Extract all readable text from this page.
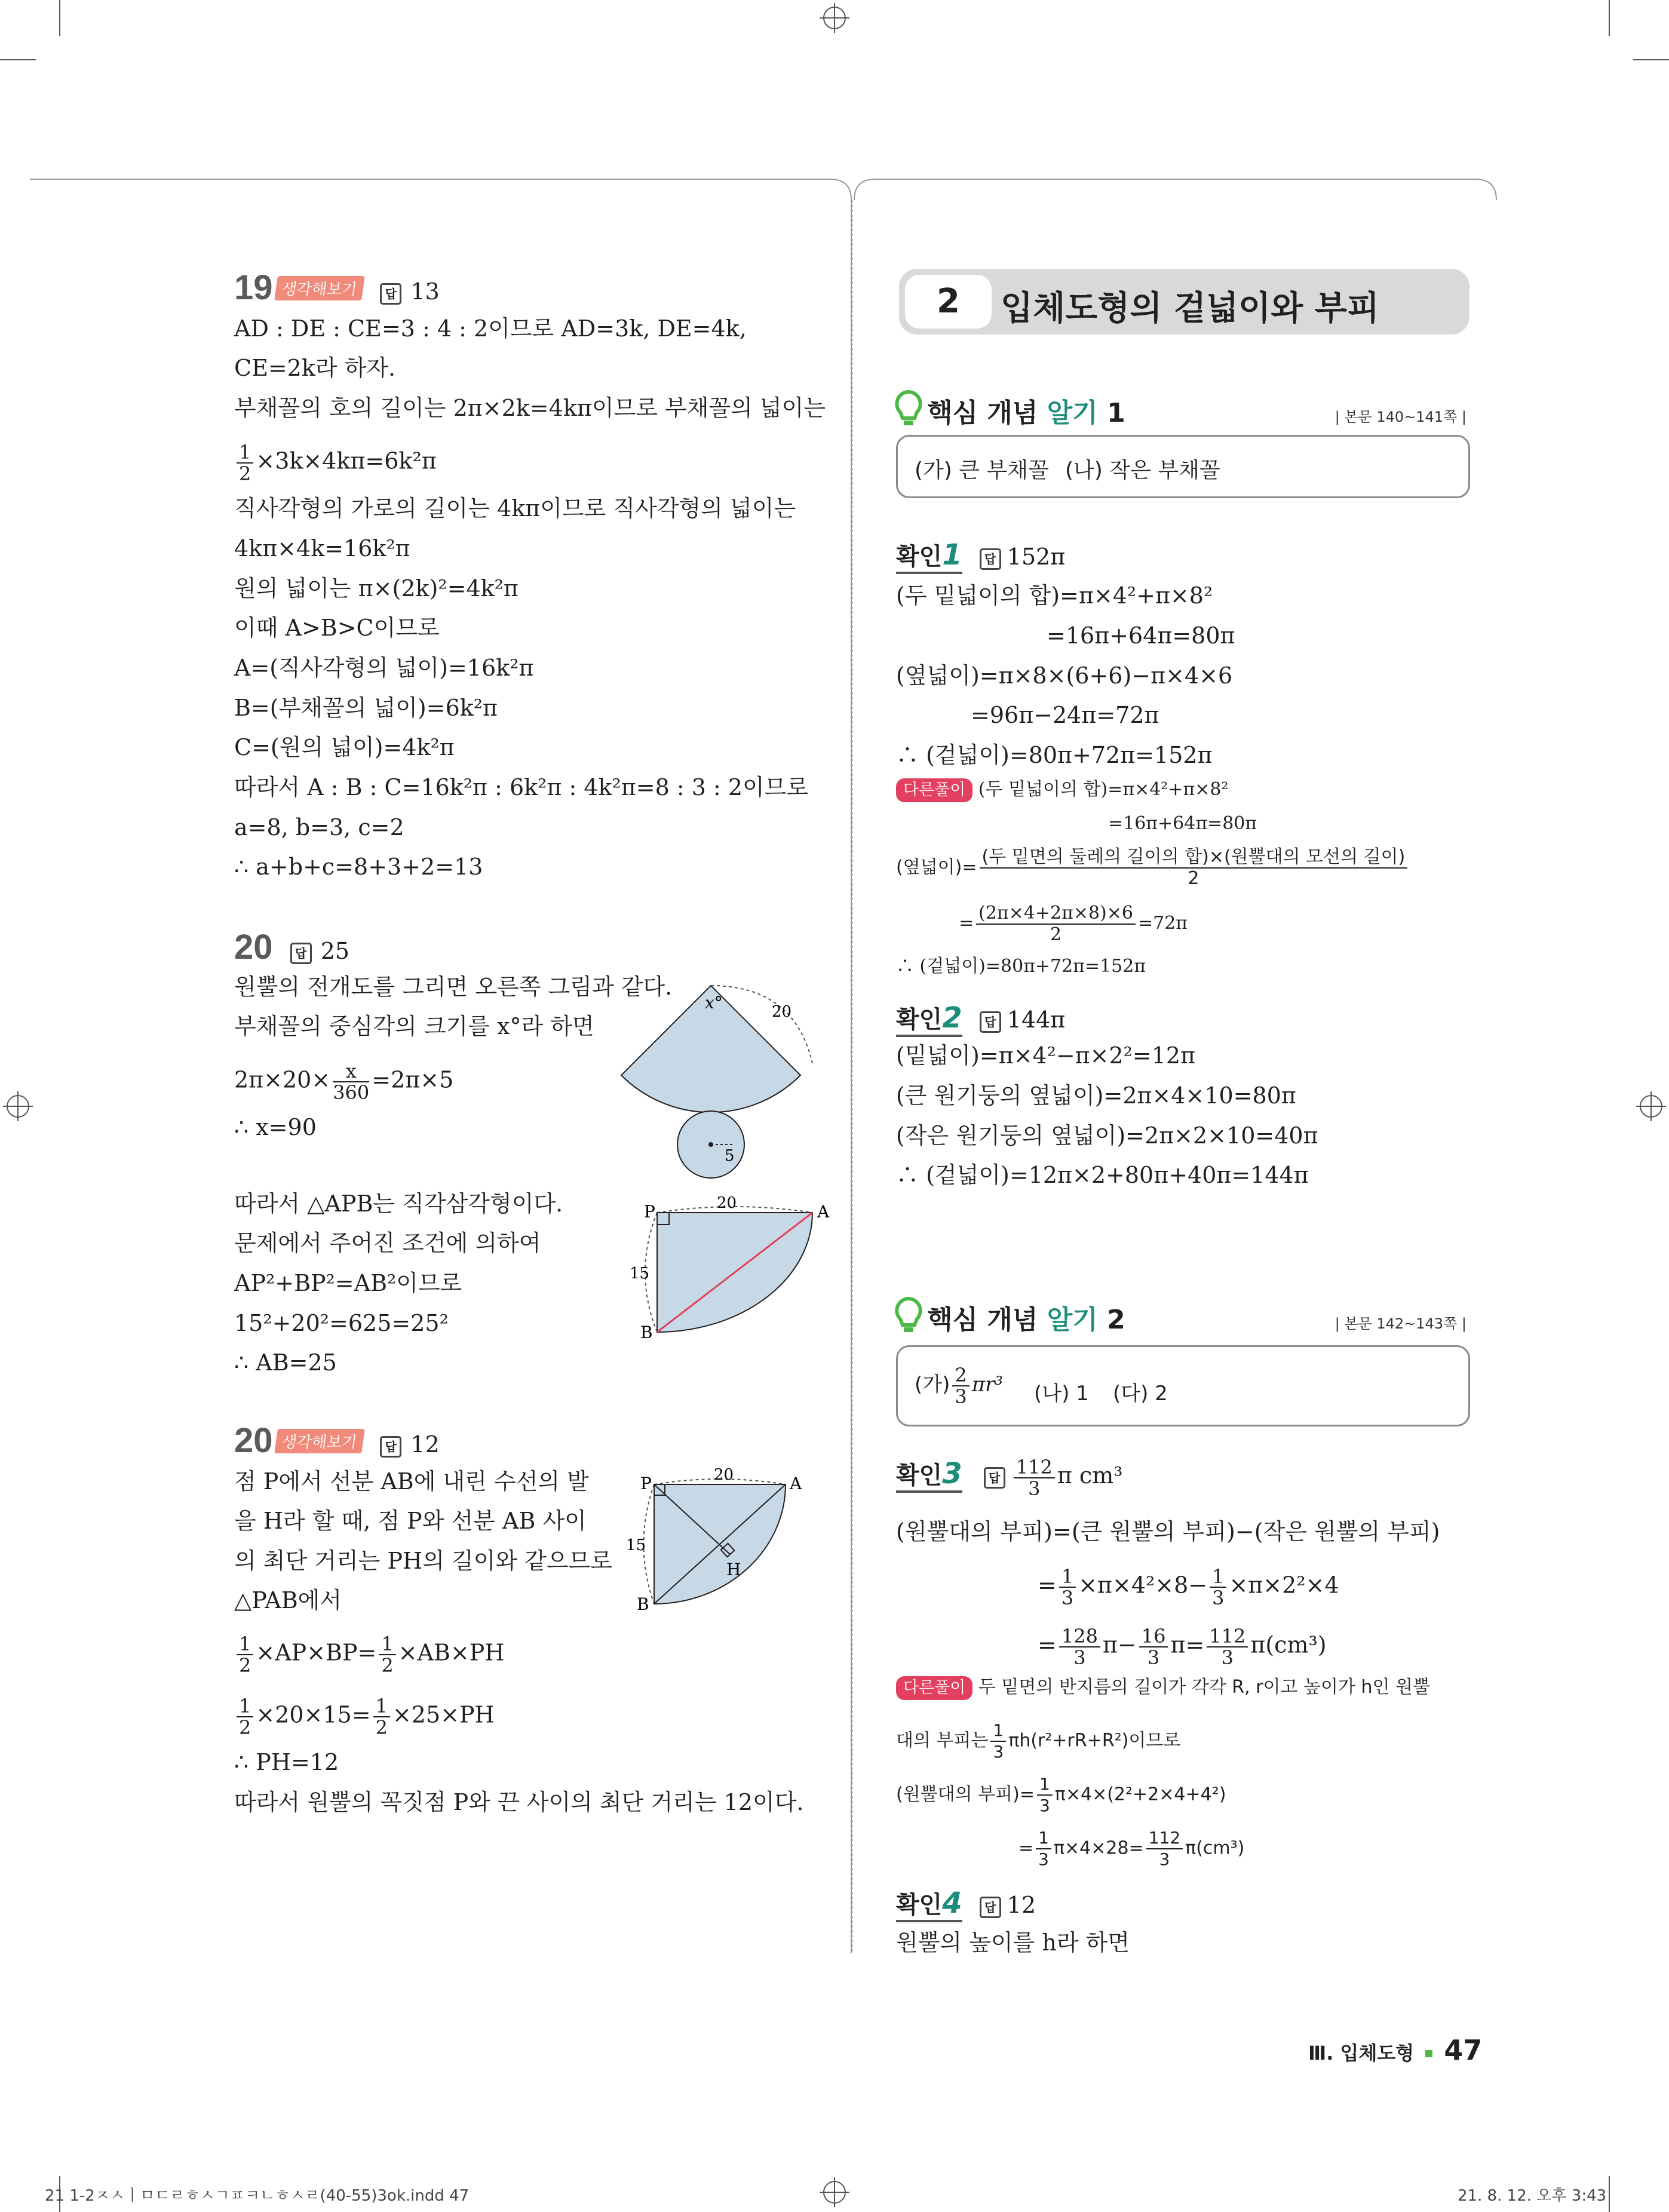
19 생각해보기 답 13
AD : DE : CE=3 : 4 : 2이므로 AD=3k, DE=4k,
CE=2k라 하자.
부채꼴의 호의 길이는 2π×2k=4kπ이므로 부채꼴의 넓이는
$\frac{1}{2} \times 3k\times 4k\pi=6k^2\pi$
직사각형의 가로의 길이는 4kπ이므로 직사각형의 넓이는
4kπ×4k=16k²π
원의 넓이는 π×(2k)²=4k²π
이때 A>B>C이므로
A=(직사각형의 넓이)=16k²π
B=(부채꼴의 넓이)=6k²π
C=(원의 넓이)=4k²π
따라서 A : B : C=16k²π : 6k²π : 4k²π=8 : 3 : 2이므로
a=8, b=3, c=2
∴ a+b+c=8+3+2=13
20 답 25
원뿔의 전개도를 그리면 오른쪽 그림과 같다.
부채꼴의 중심각의 크기를 x°라 하면
$2\pi\times 20\times \frac{x}{360} =2\pi\times 5$
∴ x=90
따라서 △APB는 직각삼각형이다.
문제에서 주어진 조건에 의하여
AP²+BP²=AB²이므로
15²+20²=625=25²
∴ AB=25
x°	20
5
P	A
B
20
15
20 생각해보기 답 12
점 P에서 선분 AB에 내린 수선의 발
을 H라 할 때, 점 P와 선분 AB 사이
의 최단 거리는 PH의 길이와 같으므로
△PAB에서
$\frac{1}{2} \times AP\times BP= \frac{1}{2} \times AB\times PH$
$\frac{1}{2} \times 20\times 15= \frac{1}{2} \times 25\times PH$
∴ PH=12
따라서 원뿔의 꼭짓점 P와 끈 사이의 최단 거리는 12이다.
P	A
B
H
20
15
2	입체도형의 겉넓이와 부피
핵심 개념 알기 1	| 본문 140~141쪽 |
(가) 큰 부채꼴 (나) 작은 부채꼴
확인1 답 152π
(두 밑넓이의 합)=π×4²+π×8²
=16π+64π=80π
(옆넓이)=π×8×(6+6)−π×4×6
=96π−24π=72π
∴ (겉넓이)=80π+72π=152π
다른풀이 (두 밑넓이의 합)=π×4²+π×8²
=16π+64π=80π
(옆넓이)= $\frac{\text{(두 밑면의 둘레의 길이의 합)×(원뿔대의 모선의 길이)}}{2}$
= $\frac{(2\pi\times 4+2\pi\times 8)\times 6}{2} =72\pi$
∴ (겉넓이)=80π+72π=152π
확인2 답 144π
(밑넓이)=π×4²−π×2²=12π
(큰 원기둥의 옆넓이)=2π×4×10=80π
(작은 원기둥의 옆넓이)=2π×2×10=40π
∴ (겉넓이)=12π×2+80π+40π=144π
핵심 개념 알기 2	| 본문 142~143쪽 |
(가) $\frac{2}{3} \pi r^3$ (나) 1 (다) 2
확인3 답 $\frac{112}{3}$ π cm³
(원뿔대의 부피)=(큰 원뿔의 부피)−(작은 원뿔의 부피)
= $\frac{1}{3} \times\pi\times 4^2\times 8- \frac{1}{3} \times\pi\times 2^2\times 4$
= $\frac{128}{3} \pi- \frac{16}{3} \pi= \frac{112}{3} \pi(cm^3)$
다른풀이 두 밑면의 반지름의 길이가 각각 R, r이고 높이가 h인 원뿔
대의 부피는 $\frac{1}{3} \pi h(r^2+rR+R^2)$이므로
(원뿔대의 부피)= $\frac{1}{3} \pi\times 4\times(2^2+2\times 4+4^2)$
= $\frac{1}{3} \pi\times 4\times 28= \frac{112}{3} \pi(cm^3)$
확인4 답 12
원뿔의 높이를 h라 하면
Ⅲ. 입체도형 47
21 1-2ㅈㅅㅣㅁㄷㄹㅎㅅㄱㅍㅋㄴㅎㅅㄹ(40-55)3ok.indd 47	21. 8. 12. 오후 3:43
